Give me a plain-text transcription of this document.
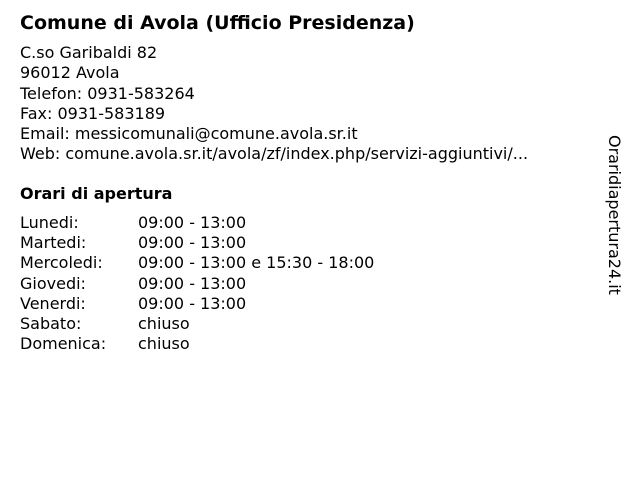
Comune di Avola (Ufficio Presidenza)
C.so Garibaldi 82
96012 Avola
Telefon: 0931-583264
Fax: 0931-583189
Email: messicomunali@comune.avola.sr.it
Web: comune.avola.sr.it/avola/zf/index.php/servizi-aggiuntivi/...
Orari di apertura
Lunedi:	09:00 - 13:00
Martedi:	09:00 - 13:00
Mercoledi: 09:00 - 13:00 e 15:30 - 18:00
Giovedi:	09:00 - 13:00
Venerdi:	09:00 - 13:00
Sabato:	chiuso
Domenica: chiuso
Oraridiapertura24.it
